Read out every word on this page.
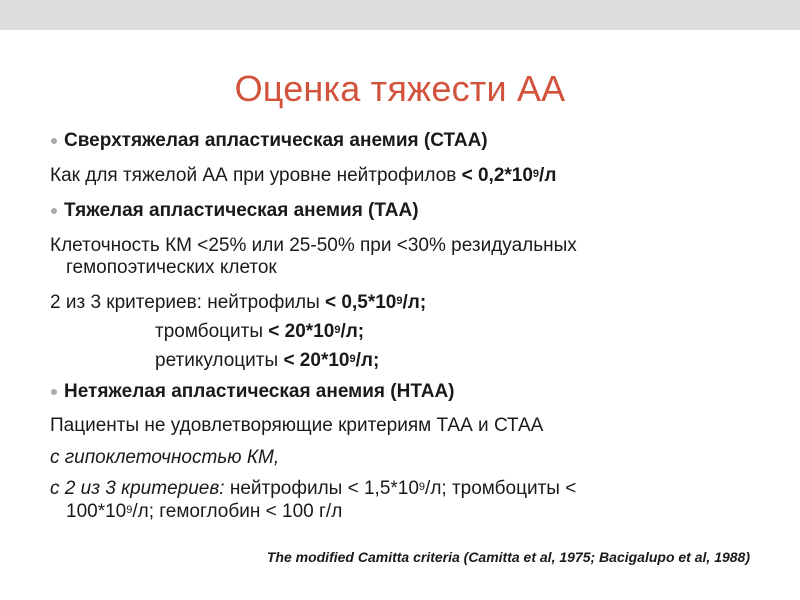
Оценка тяжести АА
Сверхтяжелая апластическая анемия (СТАА)
Как для тяжелой АА при уровне нейтрофилов < $0,2*10^9/л$
Тяжелая апластическая анемия (ТАА)
Клеточность КМ <25% или 25-50% при <30% резидуальных
гемопоэтических клеток
2 из 3 критериев: нейтрофилы < $0,5*10^9/л$;
тромбоциты < $20*10^9/л$;
ретикулоциты < $20*10^9/л$;
Нетяжелая апластическая анемия (НТАА)
Пациенты не удовлетворяющие критериям ТАА и СТАА
с гипоклеточностью КМ,
с 2 из 3 критериев: нейтрофилы < $1,5*10^9/л$; тромбоциты <
$100*10^9/л$; гемоглобин < 100 г/л
The modified Camitta criteria (Camitta et al, 1975; Bacigalupo et al, 1988)
